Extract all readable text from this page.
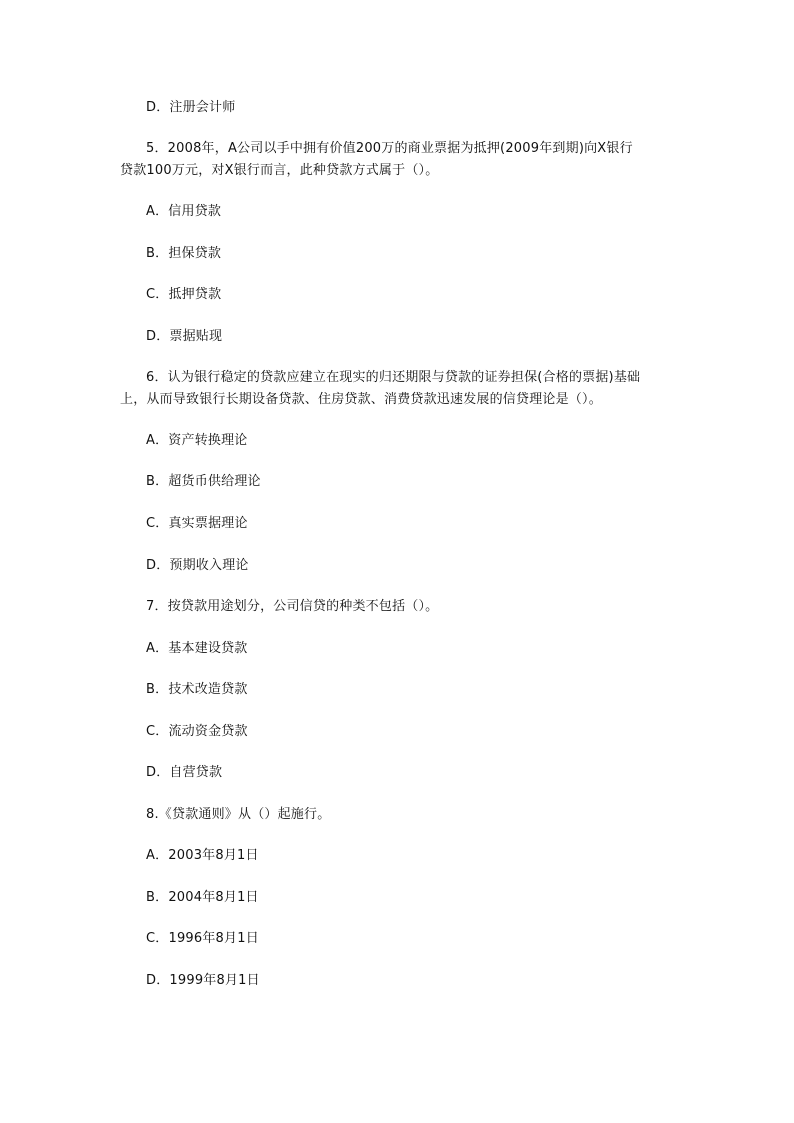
D．注册会计师
5．2008年，A公司以手中拥有价值200万的商业票据为抵押(2009年到期)向X银行
贷款100万元，对X银行而言，此种贷款方式属于（）。
A．信用贷款
B．担保贷款
C．抵押贷款
D．票据贴现
6．认为银行稳定的贷款应建立在现实的归还期限与贷款的证券担保(合格的票据)基础
上，从而导致银行长期设备贷款、住房贷款、消费贷款迅速发展的信贷理论是（）。
A．资产转换理论
B．超货币供给理论
C．真实票据理论
D．预期收入理论
7．按贷款用途划分，公司信贷的种类不包括（）。
A．基本建设贷款
B．技术改造贷款
C．流动资金贷款
D．自营贷款
8.《贷款通则》从（）起施行。
A．2003年8月1日
B．2004年8月1日
C．1996年8月1日
D．1999年8月1日
